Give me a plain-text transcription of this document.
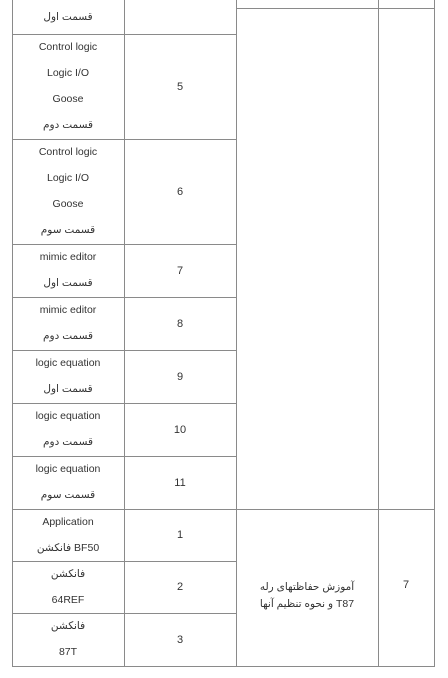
قسمت اول
Control logic
Logic I/O
Goose
قسمت دوم
5
Control logic
Logic I/O
Goose
قسمت سوم
6
mimic editor
قسمت اول
7
mimic editor
قسمت دوم
8
logic equation
قسمت اول
9
logic equation
قسمت دوم
10
logic equation
قسمت سوم
11
Application
فانکشن BF50
1
فانکشن
64REF
2
فانکشن
87T
3
آموزش حفاظتهای رله T87 و نحوه تنظیم آنها
7
